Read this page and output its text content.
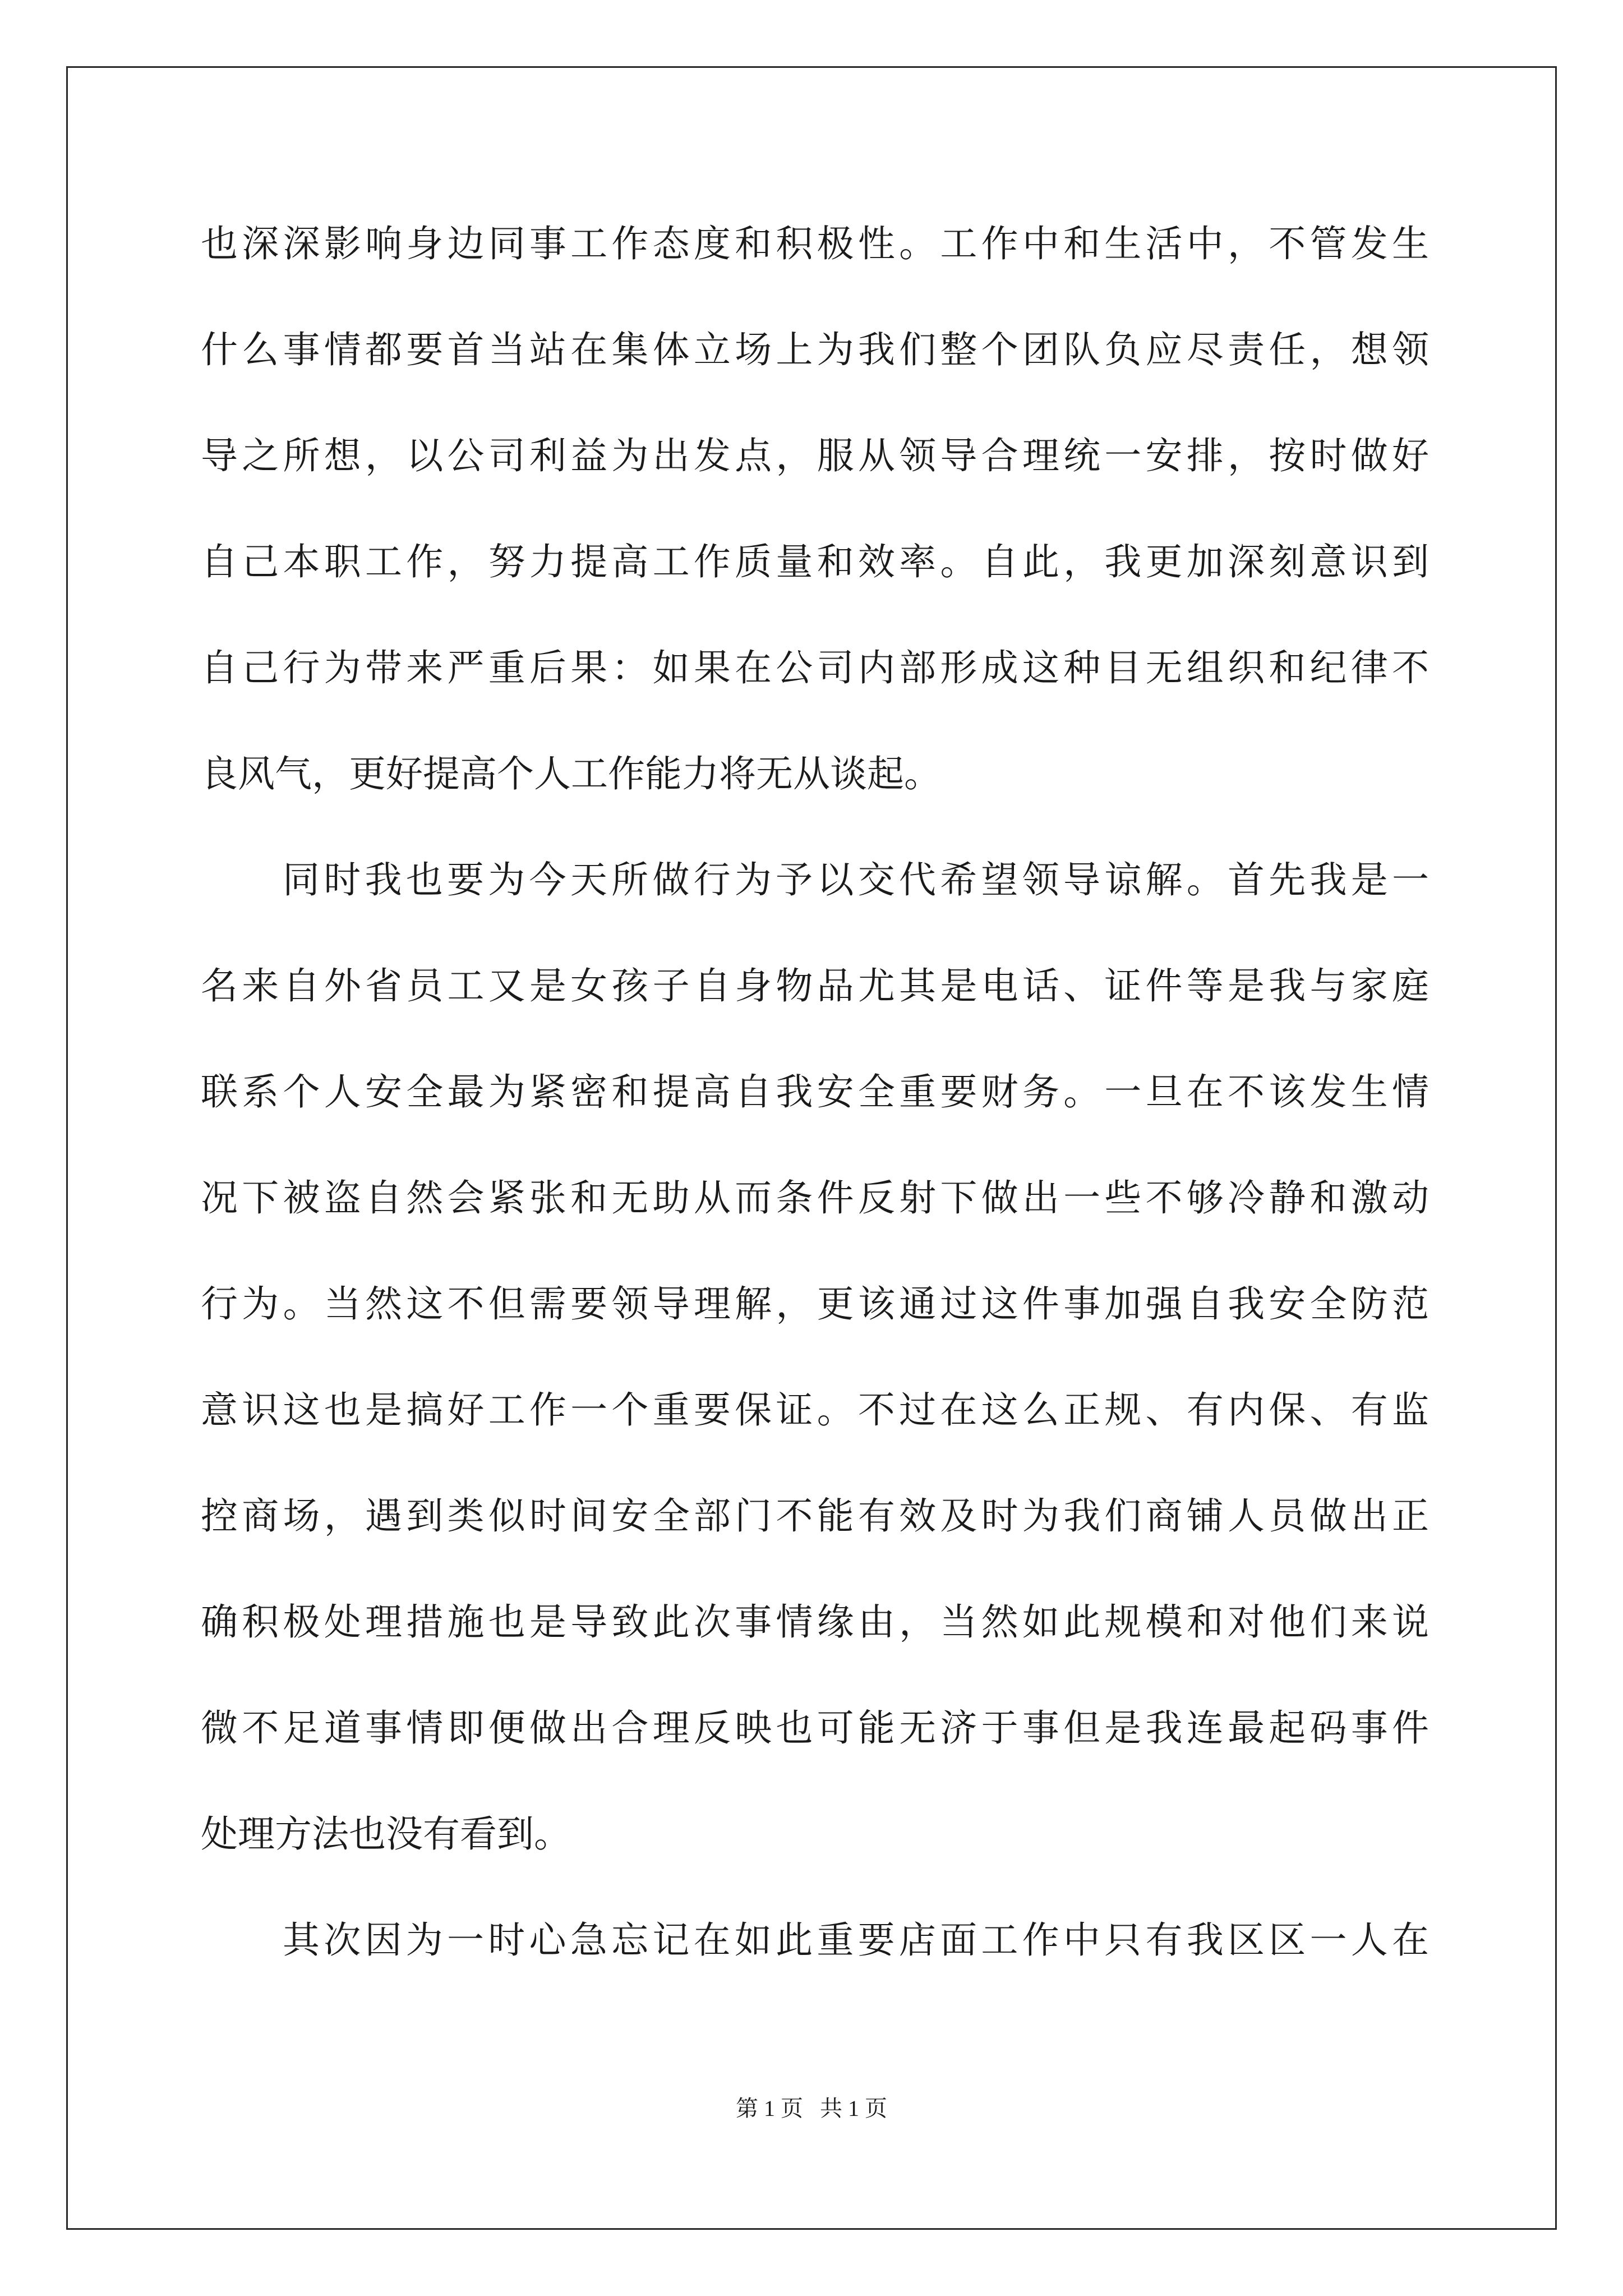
也深深影响身边同事工作态度和积极性。工作中和生活中，不管发生
什么事情都要首当站在集体立场上为我们整个团队负应尽责任，想领
导之所想，以公司利益为出发点，服从领导合理统一安排，按时做好
自己本职工作，努力提高工作质量和效率。自此，我更加深刻意识到
自己行为带来严重后果：如果在公司内部形成这种目无组织和纪律不
良风气，更好提高个人工作能力将无从谈起。
同时我也要为今天所做行为予以交代希望领导谅解。首先我是一
名来自外省员工又是女孩子自身物品尤其是电话、证件等是我与家庭
联系个人安全最为紧密和提高自我安全重要财务。一旦在不该发生情
况下被盗自然会紧张和无助从而条件反射下做出一些不够冷静和激动
行为。当然这不但需要领导理解，更该通过这件事加强自我安全防范
意识这也是搞好工作一个重要保证。不过在这么正规、有内保、有监
控商场，遇到类似时间安全部门不能有效及时为我们商铺人员做出正
确积极处理措施也是导致此次事情缘由，当然如此规模和对他们来说
微不足道事情即便做出合理反映也可能无济于事但是我连最起码事件
处理方法也没有看到。
其次因为一时心急忘记在如此重要店面工作中只有我区区一人在
第 1 页   共 1 页
